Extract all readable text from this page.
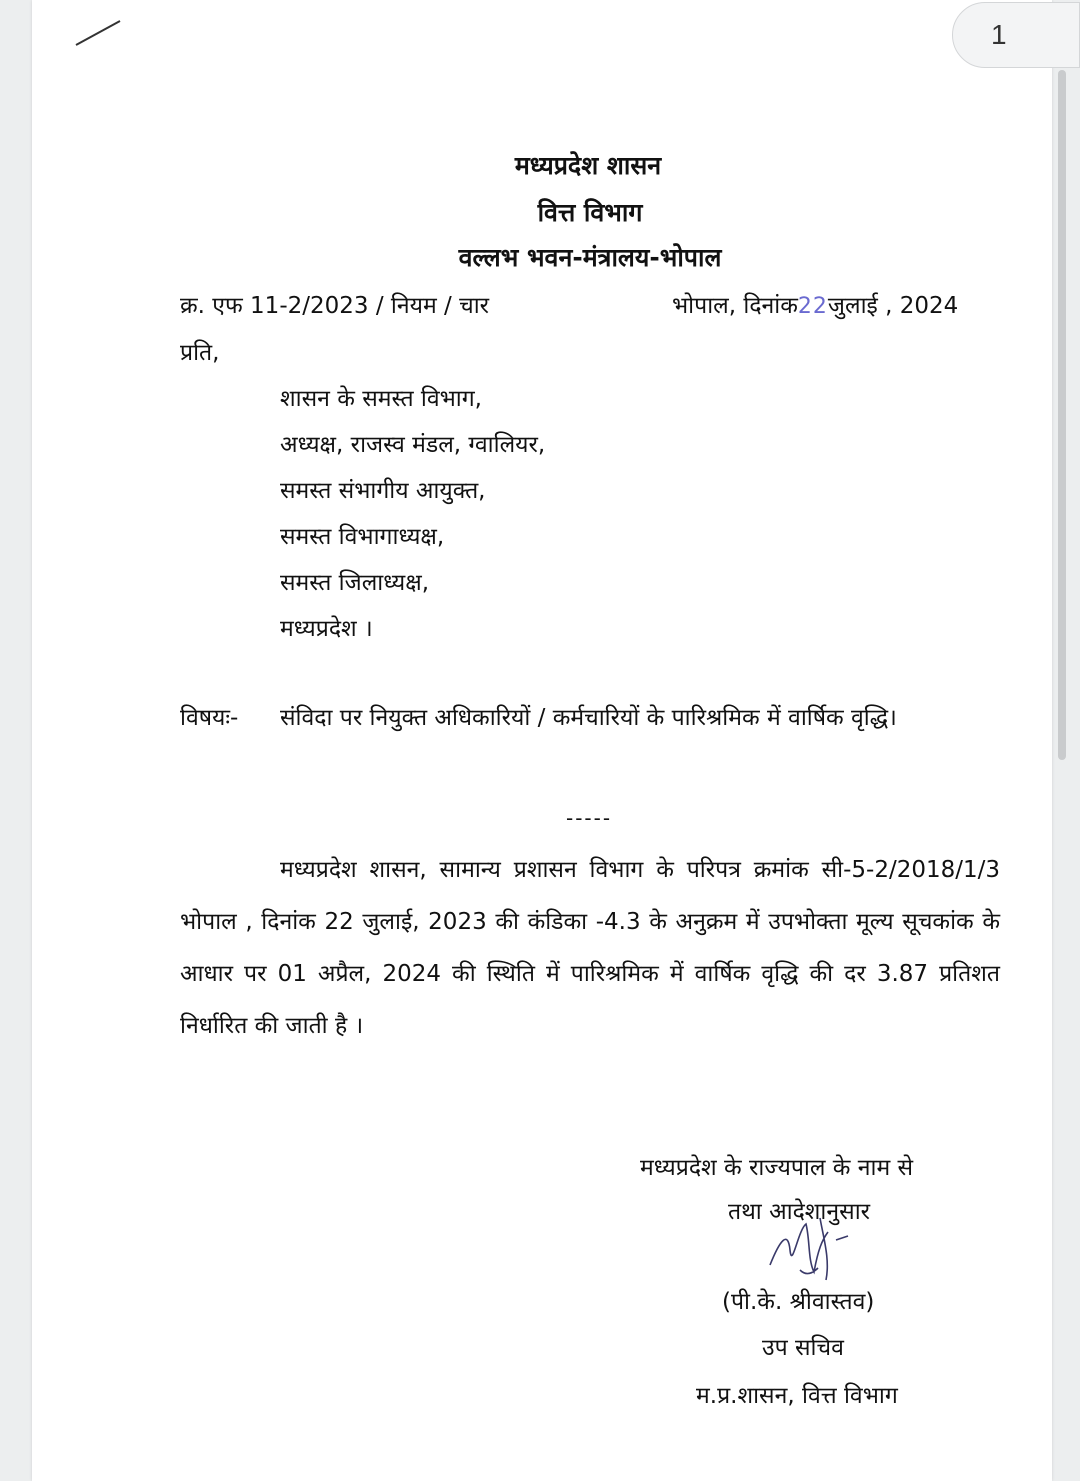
1
मध्यप्रदेश शासन
वित्त विभाग
वल्लभ भवन-मंत्रालय-भोपाल
क्र. एफ 11-2/2023 / नियम / चार	भोपाल, दिनांक22जुलाई , 2024
प्रति,
शासन के समस्त विभाग,
अध्यक्ष, राजस्व मंडल, ग्वालियर,
समस्त संभागीय आयुक्त,
समस्त विभागाध्यक्ष,
समस्त जिलाध्यक्ष,
मध्यप्रदेश ।
विषयः- संविदा पर नियुक्त अधिकारियों / कर्मचारियों के पारिश्रमिक में वार्षिक वृद्धि।
-----
मध्यप्रदेश शासन, सामान्य प्रशासन विभाग के परिपत्र क्रमांक सी-5-2/2018/1/3 भोपाल , दिनांक 22 जुलाई, 2023 की कंडिका -4.3 के अनुक्रम में उपभोक्ता मूल्य सूचकांक के आधार पर 01 अप्रैल, 2024 की स्थिति में पारिश्रमिक में वार्षिक वृद्धि की दर 3.87 प्रतिशत निर्धारित की जाती है ।
मध्यप्रदेश के राज्यपाल के नाम से
तथा आदेशानुसार
(पी.के. श्रीवास्तव)
उप सचिव
म.प्र.शासन, वित्त विभाग
